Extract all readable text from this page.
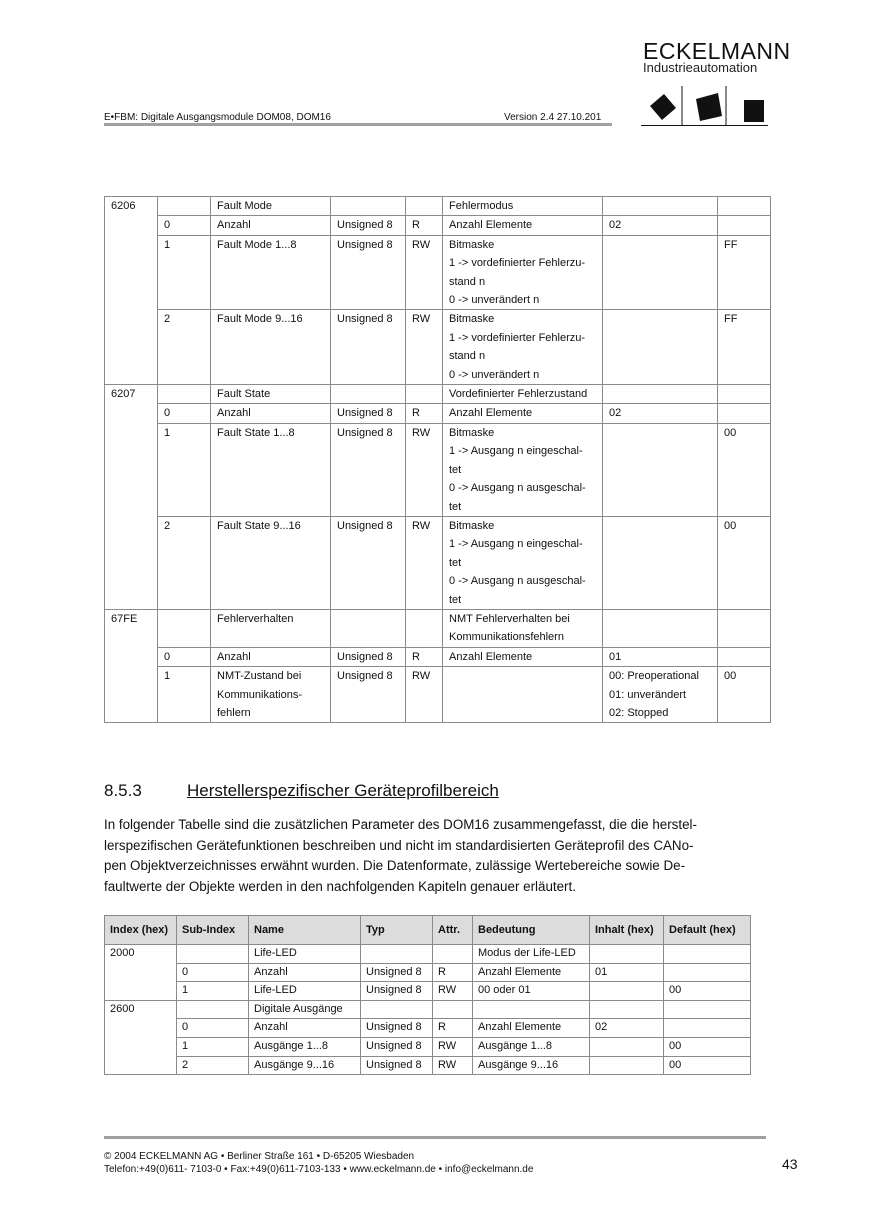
ECKELMANN
Industrieautomation
E•FBM: Digitale Ausgangsmodule DOM08, DOM16	Version 2.4 27.10.201
6206		Fault Mode			Fehlermodus		
	0	Anzahl	Unsigned 8	R	Anzahl Elemente	02	
	1	Fault Mode 1...8	Unsigned 8	RW	Bitmaske
1 -> vordefinierter Fehlerzu-
stand n
0 -> unverändert n		FF
	2	Fault Mode 9...16	Unsigned 8	RW	Bitmaske
1 -> vordefinierter Fehlerzu-
stand n
0 -> unverändert n		FF
6207		Fault State			Vordefinierter Fehlerzustand		
	0	Anzahl	Unsigned 8	R	Anzahl Elemente	02	
	1	Fault State 1...8	Unsigned 8	RW	Bitmaske
1 -> Ausgang n eingeschal-
tet
0 -> Ausgang n ausgeschal-
tet		00
	2	Fault State 9...16	Unsigned 8	RW	Bitmaske
1 -> Ausgang n eingeschal-
tet
0 -> Ausgang n ausgeschal-
tet		00
67FE		Fehlerverhalten			NMT Fehlerverhalten bei
Kommunikationsfehlern		
	0	Anzahl	Unsigned 8	R	Anzahl Elemente	01	
	1	NMT-Zustand bei
Kommunikations-
fehlern	Unsigned 8	RW		00: Preoperational
01: unverändert
02: Stopped	00
8.5.3	Herstellerspezifischer Geräteprofilbereich

In folgender Tabelle sind die zusätzlichen Parameter des DOM16 zusammengefasst, die die herstel-
lerspezifischen Gerätefunktionen beschreiben und nicht im standardisierten Geräteprofil des CANo-
pen Objektverzeichnisses erwähnt wurden. Die Datenformate, zulässige Wertebereiche sowie De-
faultwerte der Objekte werden in den nachfolgenden Kapiteln genauer erläutert.

Index (hex)	Sub-Index	Name	Typ	Attr.	Bedeutung	Inhalt (hex)	Default (hex)
2000		Life-LED			Modus der Life-LED		
	0	Anzahl	Unsigned 8	R	Anzahl Elemente	01	
	1	Life-LED	Unsigned 8	RW	00 oder 01		00
2600		Digitale Ausgänge					
	0	Anzahl	Unsigned 8	R	Anzahl Elemente	02	
	1	Ausgänge 1...8	Unsigned 8	RW	Ausgänge 1...8		00
	2	Ausgänge 9...16	Unsigned 8	RW	Ausgänge 9...16		00
© 2004 ECKELMANN AG • Berliner Straße 161 • D-65205 Wiesbaden
Telefon:+49(0)611- 7103-0 • Fax:+49(0)611-7103-133 • www.eckelmann.de • info@eckelmann.de	43
